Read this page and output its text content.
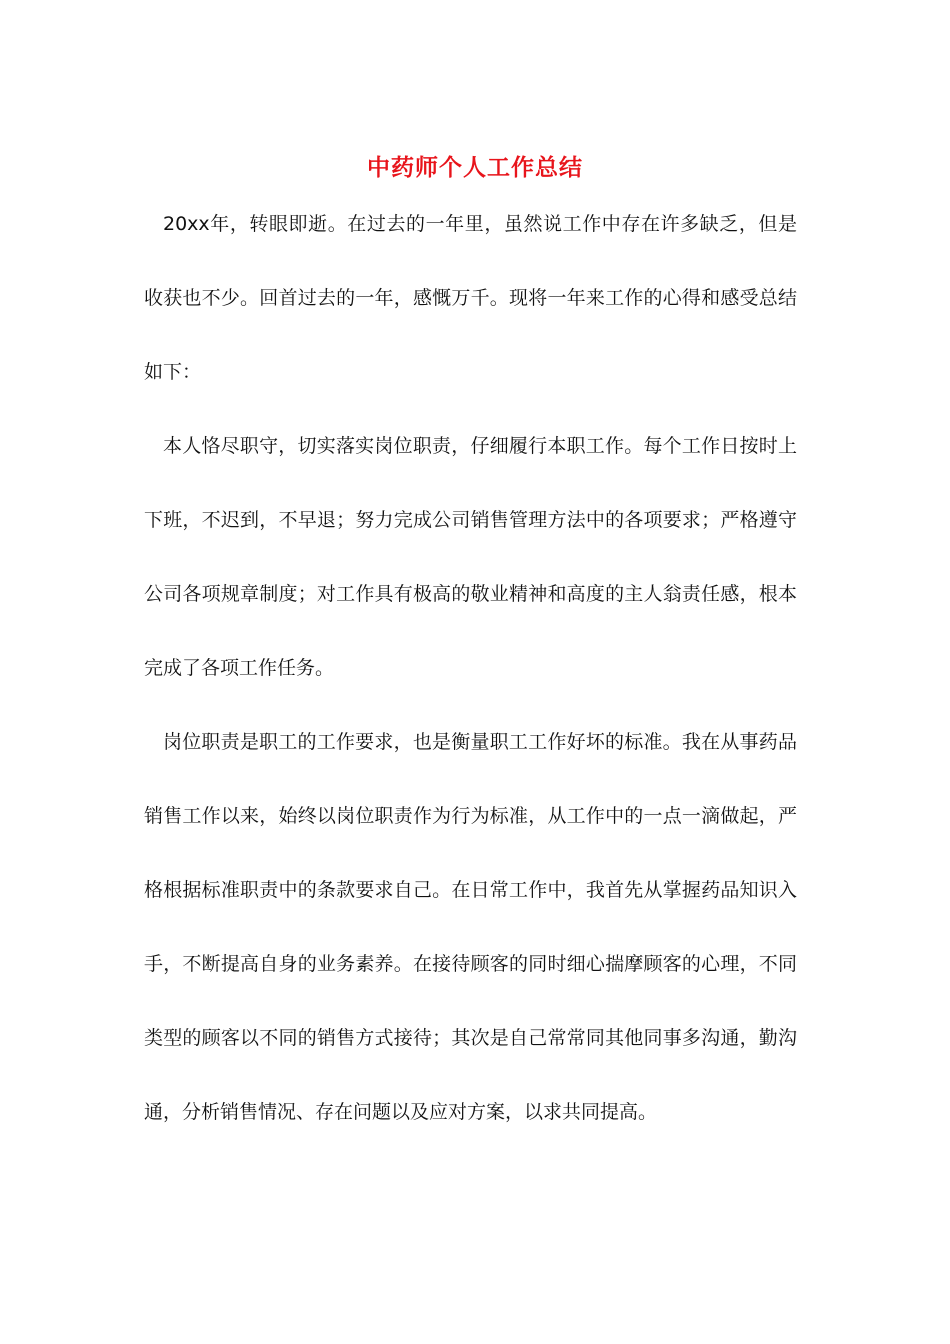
中药师个人工作总结

20xx年，转眼即逝。在过去的一年里，虽然说工作中存在许多缺乏，但是收获也不少。回首过去的一年，感慨万千。现将一年来工作的心得和感受总结如下：

本人恪尽职守，切实落实岗位职责，仔细履行本职工作。每个工作日按时上下班，不迟到，不早退；努力完成公司销售管理方法中的各项要求；严格遵守公司各项规章制度；对工作具有极高的敬业精神和高度的主人翁责任感，根本完成了各项工作任务。

岗位职责是职工的工作要求，也是衡量职工工作好坏的标准。我在从事药品销售工作以来，始终以岗位职责作为行为标准，从工作中的一点一滴做起，严格根据标准职责中的条款要求自己。在日常工作中，我首先从掌握药品知识入手，不断提高自身的业务素养。在接待顾客的同时细心揣摩顾客的心理，不同类型的顾客以不同的销售方式接待；其次是自己常常同其他同事多沟通，勤沟通，分析销售情况、存在问题以及应对方案，以求共同提高。
